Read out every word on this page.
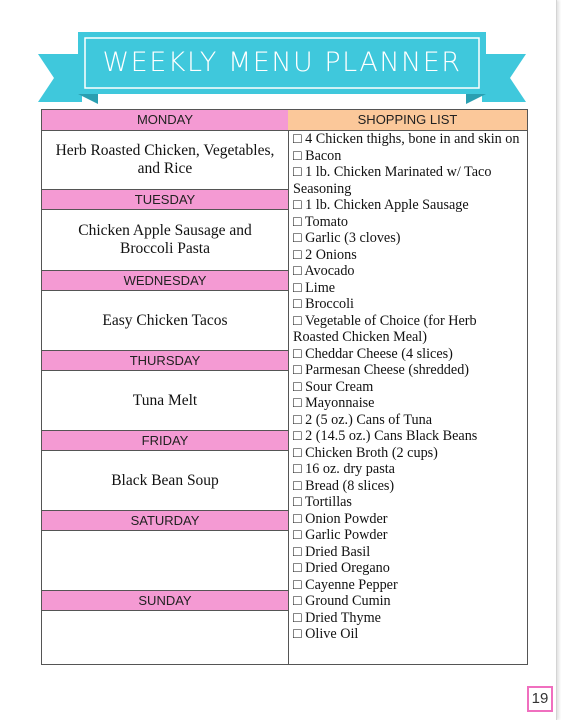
WEEKLY MENU PLANNER
MONDAY
Herb Roasted Chicken, Vegetables, and Rice
TUESDAY
Chicken Apple Sausage and Broccoli Pasta
WEDNESDAY
Easy Chicken Tacos
THURSDAY
Tuna Melt
FRIDAY
Black Bean Soup
SATURDAY
SUNDAY
SHOPPING LIST
□ 4 Chicken thighs, bone in and skin on
□ Bacon
□ 1 lb. Chicken Marinated w/ Taco Seasoning
□ 1 lb. Chicken Apple Sausage
□ Tomato
□ Garlic (3 cloves)
□ 2 Onions
□ Avocado
□ Lime
□ Broccoli
□ Vegetable of Choice (for Herb Roasted Chicken Meal)
□ Cheddar Cheese (4 slices)
□ Parmesan Cheese (shredded)
□ Sour Cream
□ Mayonnaise
□ 2 (5 oz.) Cans of Tuna
□ 2 (14.5 oz.) Cans Black Beans
□ Chicken Broth (2 cups)
□ 16 oz. dry pasta
□ Bread (8 slices)
□ Tortillas
□ Onion Powder
□ Garlic Powder
□ Dried Basil
□ Dried Oregano
□ Cayenne Pepper
□ Ground Cumin
□ Dried Thyme
□ Olive Oil
19
